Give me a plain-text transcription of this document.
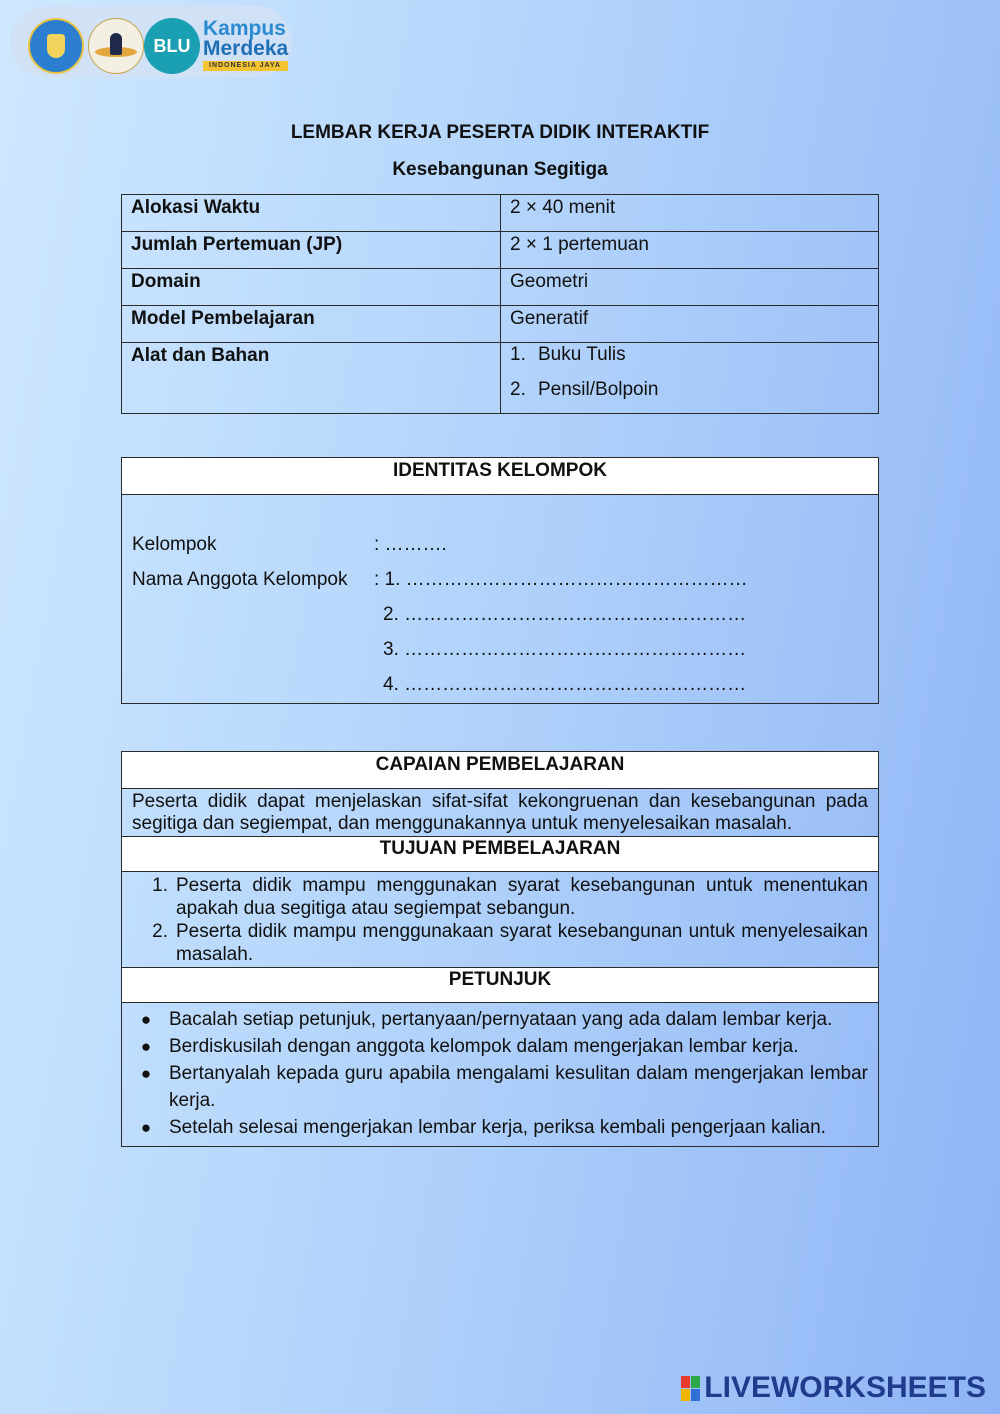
BLU
Kampus
Merdeka
INDONESIA JAYA
LEMBAR KERJA PESERTA DIDIK INTERAKTIF
Kesebangunan Segitiga
Alokasi Waktu	2 × 40 menit
Jumlah Pertemuan (JP)	2 × 1 pertemuan
Domain	Geometri
Model Pembelajaran	Generatif
Alat dan Bahan	1. Buku Tulis
2. Pensil/Bolpoin
IDENTITAS KELOMPOK

Kelompok	: ……….
Nama Anggota Kelompok	: 1. ………………………………………………
2. ………………………………………………
3. ………………………………………………
4. ………………………………………………
CAPAIAN PEMBELAJARAN

Peserta didik dapat menjelaskan sifat-sifat kekongruenan dan kesebangunan pada segitiga dan segiempat, dan menggunakannya untuk menyelesaikan masalah.

TUJUAN PEMBELAJARAN

1. Peserta didik mampu menggunakan syarat kesebangunan untuk menentukan apakah dua segitiga atau segiempat sebangun.
2. Peserta didik mampu menggunakaan syarat kesebangunan untuk menyelesaikan masalah.

PETUNJUK

● Bacalah setiap petunjuk, pertanyaan/pernyataan yang ada dalam lembar kerja.
● Berdiskusilah dengan anggota kelompok dalam mengerjakan lembar kerja.
● Bertanyalah kepada guru apabila mengalami kesulitan dalam mengerjakan lembar kerja.
● Setelah selesai mengerjakan lembar kerja, periksa kembali pengerjaan kalian.
LIVEWORKSHEETS
